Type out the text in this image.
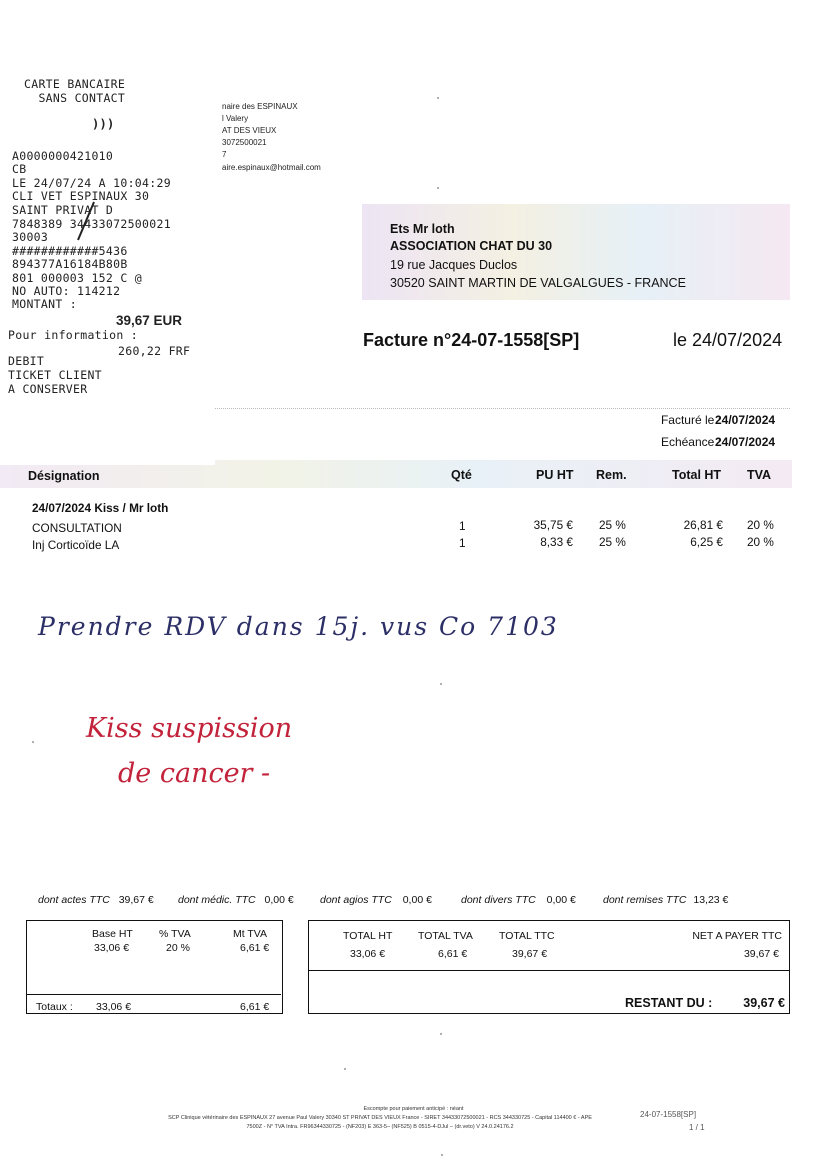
naire des ESPINAUX
l Valery
AT DES VIEUX
3072500021
7
aire.espinaux@hotmail.com
CARTE BANCAIRE
SANS CONTACT
)))
A0000000421010
CB
LE 24/07/24 A 10:04:29
CLI VET ESPINAUX 30
SAINT PRIVAT D
7848389 34433072500021
30003
############5436
894377A16184B80B
801 000003 152 C @
NO AUTO: 114212
MONTANT :
39,67 EUR
Pour information :
260,22 FRF
DEBIT
TICKET CLIENT
A CONSERVER
Ets Mr loth
ASSOCIATION CHAT DU 30
19 rue Jacques Duclos
30520 SAINT MARTIN DE VALGALGUES - FRANCE
Facture n°24-07-1558[SP]	le 24/07/2024
Facturé le :
24/07/2024
Echéance :
24/07/2024
Désignation	Qté	PU HT Rem.	Total HT TVA
24/07/2024 Kiss / Mr loth
CONSULTATION	1	35,75 € 25 %	26,81 € 20 %
Inj Corticoïde LA	1	8,33 € 25 %	6,25 € 20 %
Prendre RDV dans 15j. vus Co 7103
Kiss suspission
de cancer -
dont actes TTC 39,67 € dont médic. TTC 0,00 €	dont agios TTC 0,00 €	dont divers TTC 0,00 €	dont remises TTC 13,23 €
Base HT % TVA	Mt TVA
33,06 €	20 %	6,61 €
Totaux : 33,06 €	6,61 €
TOTAL HT TOTAL TVA TOTAL TTC	NET A PAYER TTC
33,06 €	6,61 €	39,67 €	39,67 €
RESTANT DU : 39,67 €
Escompte pour paiement anticipé : néant
SCP Clinique vétérinaire des ESPINAUX 27 avenue Paul Valery 30340 ST PRIVAT DES VIEUX France - SIRET 34433072500021 - RCS 344330725 - Capital 114400 € - APE
7500Z - N° TVA Intra. FR96344330725 - (NF203) E 363-5– (NF525) B 0515-4-DJul – (dr.veto) V 24.0.24176.2
24-07-1558[SP]
1 / 1
